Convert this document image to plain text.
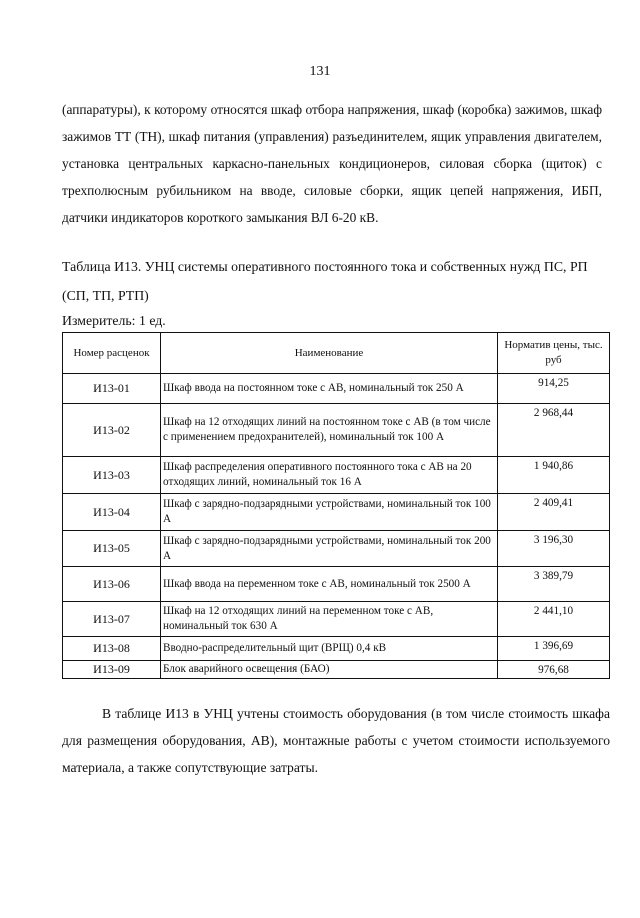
131
(аппаратуры), к которому относятся шкаф отбора напряжения, шкаф (коробка) зажимов, шкаф зажимов ТТ (ТН), шкаф питания (управления) разъединителем, ящик управления двигателем, установка центральных каркасно-панельных кондиционеров, силовая сборка (щиток) с трехполюсным рубильником на вводе, силовые сборки, ящик цепей напряжения, ИБП, датчики индикаторов короткого замыкания ВЛ 6-20 кВ.
Таблица И13. УНЦ системы оперативного постоянного тока и собственных нужд ПС, РП (СП, ТП, РТП)
Измеритель: 1 ед.
Номер расценок	Наименование	Норматив цены, тыс. руб
И13-01	Шкаф ввода на постоянном токе с АВ, номинальный ток 250 А	914,25
И13-02	Шкаф на 12 отходящих линий на постоянном токе с АВ (в том числе с применением предохранителей), номинальный ток 100 А	2 968,44
И13-03	Шкаф распределения оперативного постоянного тока с АВ на 20 отходящих линий, номинальный ток 16 А	1 940,86
И13-04	Шкаф с зарядно-подзарядными устройствами, номинальный ток 100 А	2 409,41
И13-05	Шкаф с зарядно-подзарядными устройствами, номинальный ток 200 А	3 196,30
И13-06	Шкаф ввода на переменном токе с АВ, номинальный ток 2500 А	3 389,79
И13-07	Шкаф на 12 отходящих линий на переменном токе с АВ, номинальный ток 630 А	2 441,10
И13-08	Вводно-распределительный щит (ВРЩ) 0,4 кВ	1 396,69
И13-09	Блок аварийного освещения (БАО)	976,68
В таблице И13 в УНЦ учтены стоимость оборудования (в том числе стоимость шкафа для размещения оборудования, АВ), монтажные работы с учетом стоимости используемого материала, а также сопутствующие затраты.
